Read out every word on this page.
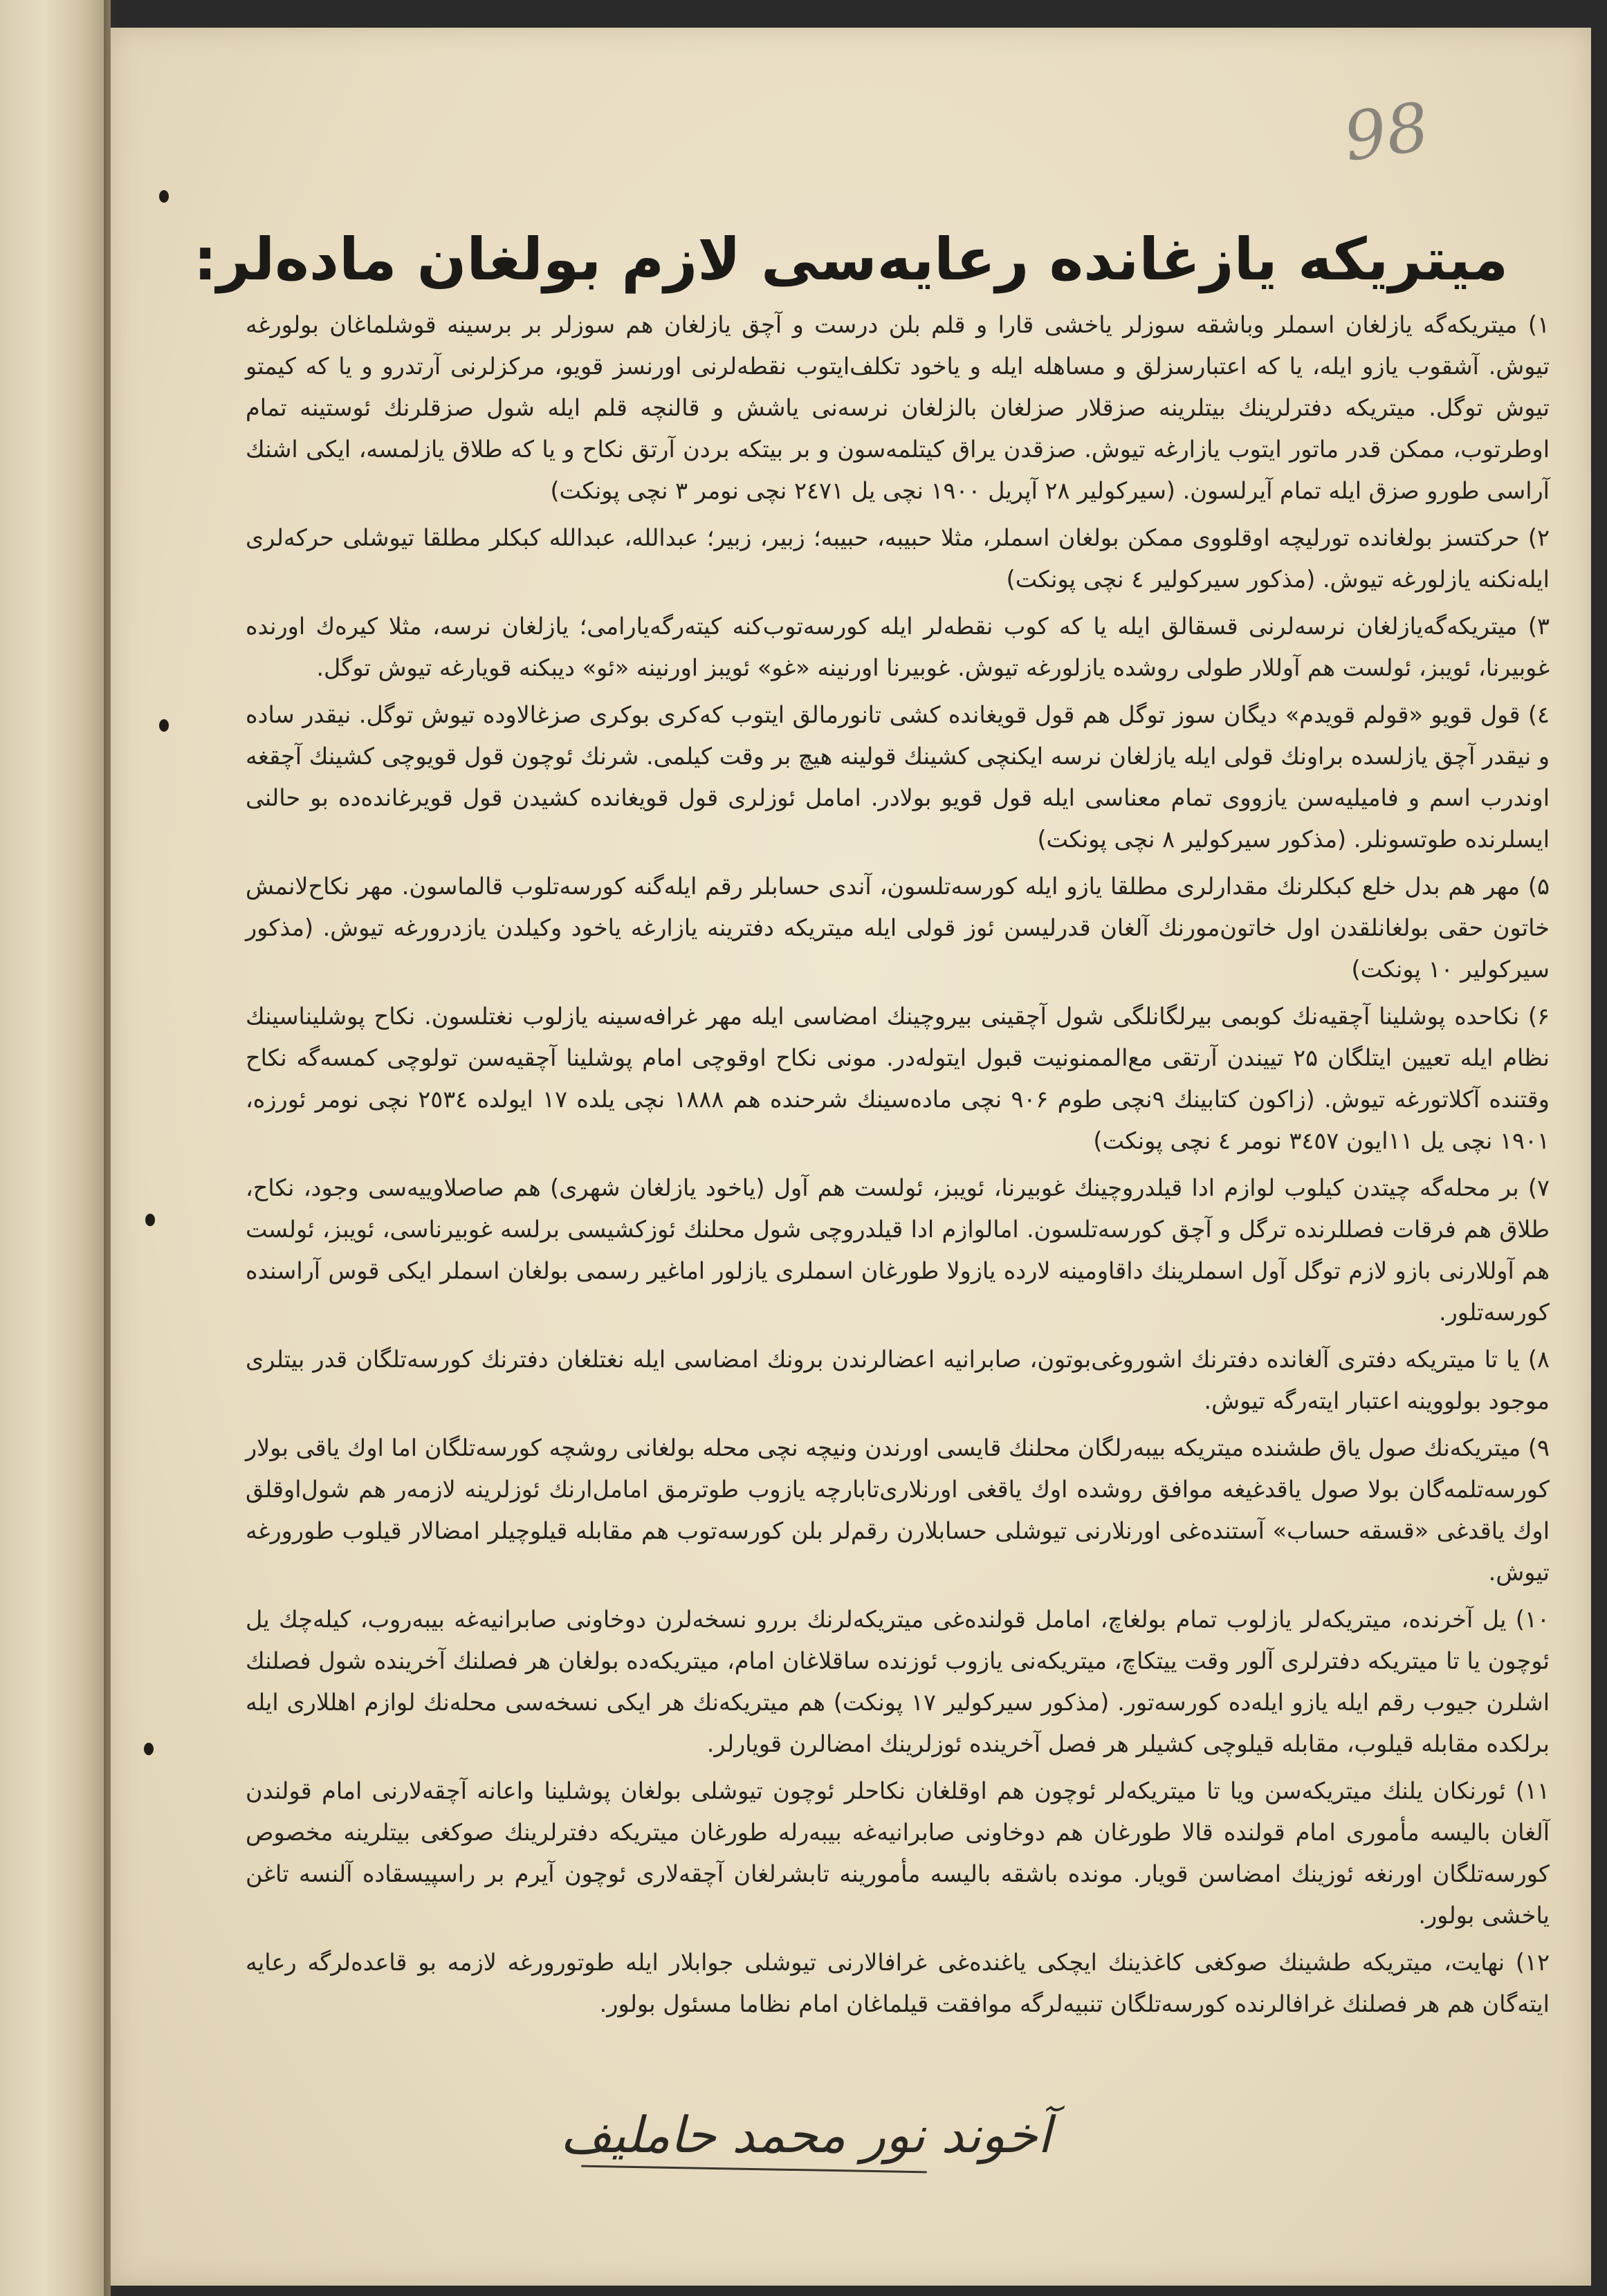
98
میتریکه یازغانده رعایه‌سی لازم بولغان ماده‌لر:

۱) میتریکه‌گه یازلغان اسملر وباشقه سوزلر یاخشی قارا و قلم بلن درست و آچق یازلغان هم سوزلر بر برسینه قوشلماغان بولورغه تیوش. آشقوب یازو ایله، یا که اعتبارسزلق و مساهله ایله و یاخود تکلف‌ایتوب نقطه‌لرنی اورنسز قویو، مرکزلرنی آرتدرو و یا که کیمتو تیوش توگل. میتریکه دفترلرینك بیتلرینه صزقلار صزلغان بالزلغان نرسه‌نی یاشش و قالنچه قلم ایله شول صزقلرنك ئوستینه تمام اوطرتوب، ممکن قدر ماتور ایتوب یازارغه تیوش. صزقدن یراق کیتلمه‌سون و بر بیتکه بردن آرتق نکاح و یا که طلاق یازلمسه، ایکی اشنك آراسی طورو صزق ایله تمام آیرلسون. (سیرکولیر ۲۸ آپریل ۱۹۰۰ نچی یل ۲٤۷۱ نچی نومر ۳ نچی پونکت)

۲) حرکتسز بولغانده تورلیچه اوقلووی ممکن بولغان اسملر، مثلا حبیبه، حبیبه؛ زبیر، زبیر؛ عبدالله، عبدالله کبکلر مطلقا تیوشلی حرکه‌لری ایله‌نکنه یازلورغه تیوش. (مذکور سیرکولیر ٤ نچی پونکت)

۳) میتریکه‌گه‌یازلغان نرسه‌لرنی قسقالق ایله یا که کوب نقطه‌لر ایله کورسه‌توب‌کنه کیته‌رگه‌یارامی؛ یازلغان نرسه، مثلا کیره‌ك اورنده غوبیرنا، ئویبز، ئولست هم آوللار طولی روشده یازلورغه تیوش. غوبیرنا اورنینه «غو» ئویبز اورنینه «ئو» دیبکنه قویارغه تیوش توگل.

٤) قول قویو «قولم قویدم» دیگان سوز توگل هم قول قویغانده کشی تانورمالق ایتوب که‌کری بوکری صزغالاوده تیوش توگل. نیقدر ساده و نیقدر آچق یازلسده براونك قولی ایله یازلغان نرسه ایکنچی کشینك قولینه هیچ بر وقت کیلمی. شرنك ئوچون قول قویوچی کشینك آچقغه اوندرب اسم و فامیلیه‌سن یازووی تمام معناسی ایله قول قویو بولادر. امامل ئوزلری قول قویغانده کشیدن قول قویرغانده‌ده بو حالنی ایسلرنده طوتسونلر. (مذکور سیرکولیر ۸ نچی پونکت)

۵) مهر هم بدل خلع کبکلرنك مقدارلری مطلقا یازو ایله کورسه‌تلسون، آندی حسابلر رقم ایله‌گنه کورسه‌تلوب قالماسون. مهر نکاح‌لانمش خاتون حقی بولغانلقدن اول خاتون‌مورنك آلغان قدرلیسن ئوز قولی ایله میتریکه دفترینه یازارغه یاخود وکیلدن یازدرورغه تیوش. (مذکور سیرکولیر ۱۰ پونکت)

۶) نکاحده پوشلینا آچقیه‌نك کوبمی بیرلگانلگی شول آچقینی بیروچینك امضاسی ایله مهر غرافه‌سینه یازلوب نغتلسون. نکاح پوشلیناسینك نظام ایله تعیین ایتلگان ۲۵ تییندن آرتقی مع‌الممنونیت قبول ایتوله‌در. مونی نکاح اوقوچی امام پوشلینا آچقیه‌سن تولوچی کمسه‌گه نکاح وقتنده آکلاتورغه تیوش. (زاکون کتابینك ۹نچی طوم ۹۰۶ نچی ماده‌سینك شرحنده هم ۱۸۸۸ نچی یلده ۱۷ ایولده ۲٥۳٤ نچی نومر ئورزه، ۱۹۰۱ نچی یل ۱۱ایون ۳٤٥۷ نومر ٤ نچی پونکت)

۷) بر محله‌گه چیتدن کیلوب لوازم ادا قیلدروچینك غوبیرنا، ئویبز، ئولست هم آول (یاخود یازلغان شهری) هم صاصلاوییه‌سی وجود، نکاح، طلاق هم فرقات فصللرنده ترگل و آچق کورسه‌تلسون. امالوازم ادا قیلدروچی شول محلنك ئوزکشیسی برلسه غوبیرناسی، ئویبز، ئولست هم آوللارنی بازو لازم توگل آول اسملرینك داقاومینه لارده یازولا طورغان اسملری یازلور اماغیر رسمی بولغان اسملر ایکی قوس آراسنده کورسه‌تلور.

۸) یا تا میتریکه دفتری آلغانده دفترنك اشوروغی‌بوتون، صابرانیه اعضالرندن برونك امضاسی ایله نغتلغان دفترنك کورسه‌تلگان قدر بیتلری موجود بولووینه اعتبار ایته‌رگه تیوش.

۹) میتریکه‌نك صول یاق طشنده میتریکه بیبه‌رلگان محلنك قایسی اورندن ونیچه نچی محله بولغانی روشچه کورسه‌تلگان اما اوك یاقی بولار کورسه‌تلمه‌گان بولا صول یاقدغیغه موافق روشده اوك یاقغی اورنلاری‌تابارچه یازوب طوترمق امامل‌ارنك ئوزلرینه لازمه‌ر هم شول‌اوقلق اوك یاقدغی «قسقه حساب» آستنده‌غی اورنلارنی تیوشلی حسابلارن رقم‌لر بلن کورسه‌توب هم مقابله قیلوچیلر امضالار قیلوب طورورغه تیوش.

۱۰) یل آخرنده، میتریکه‌لر یازلوب تمام بولغاچ، امامل قولنده‌غی میتریکه‌لرنك بررو نسخه‌لرن دوخاونی صابرانیه‌غه بیبه‌روب، کیله‌چك یل ئوچون یا تا میتریکه دفترلری آلور وقت ییتکاچ، میتریکه‌نی یازوب ئوزنده ساقلاغان امام، میتریکه‌ده بولغان هر فصلنك آخرینده شول فصلنك اشلرن جیوب رقم ایله یازو ایله‌ده کورسه‌تور. (مذکور سیرکولیر ۱۷ پونکت) هم میتریکه‌نك هر ایکی نسخه‌سی محله‌نك لوازم اهللاری ایله برلکده مقابله قیلوب، مقابله قیلوچی کشیلر هر فصل آخرینده ئوزلرینك امضالرن قویارلر.

۱۱) ئورنکان یلنك میتریکه‌سن ویا تا میتریکه‌لر ئوچون هم اوقلغان نکاحلر ئوچون تیوشلی بولغان پوشلینا واعانه آچقه‌لارنی امام قولندن آلغان بالیسه مأموری امام قولنده قالا طورغان هم دوخاونی صابرانیه‌غه بیبه‌رله طورغان میتریکه دفترلرینك صوکغی بیتلرینه مخصوص کورسه‌تلگان اورنغه ئوزینك امضاسن قویار. مونده باشقه بالیسه مأمورینه تابشرلغان آچقه‌لاری ئوچون آیرم بر راسپیسقاده آلنسه تاغن یاخشی بولور.

۱۲) نهایت، میتریکه طشینك صوکغی کاغذینك ایچکی یاغنده‌غی غرافالارنی تیوشلی جوابلار ایله طوتورورغه لازمه بو قاعده‌لرگه رعایه ایته‌گان هم هر فصلنك غرافالرنده کورسه‌تلگان تنبیه‌لرگه موافقت قیلماغان امام نظاما مسئول بولور.

آخوند نور محمد حاملیف
